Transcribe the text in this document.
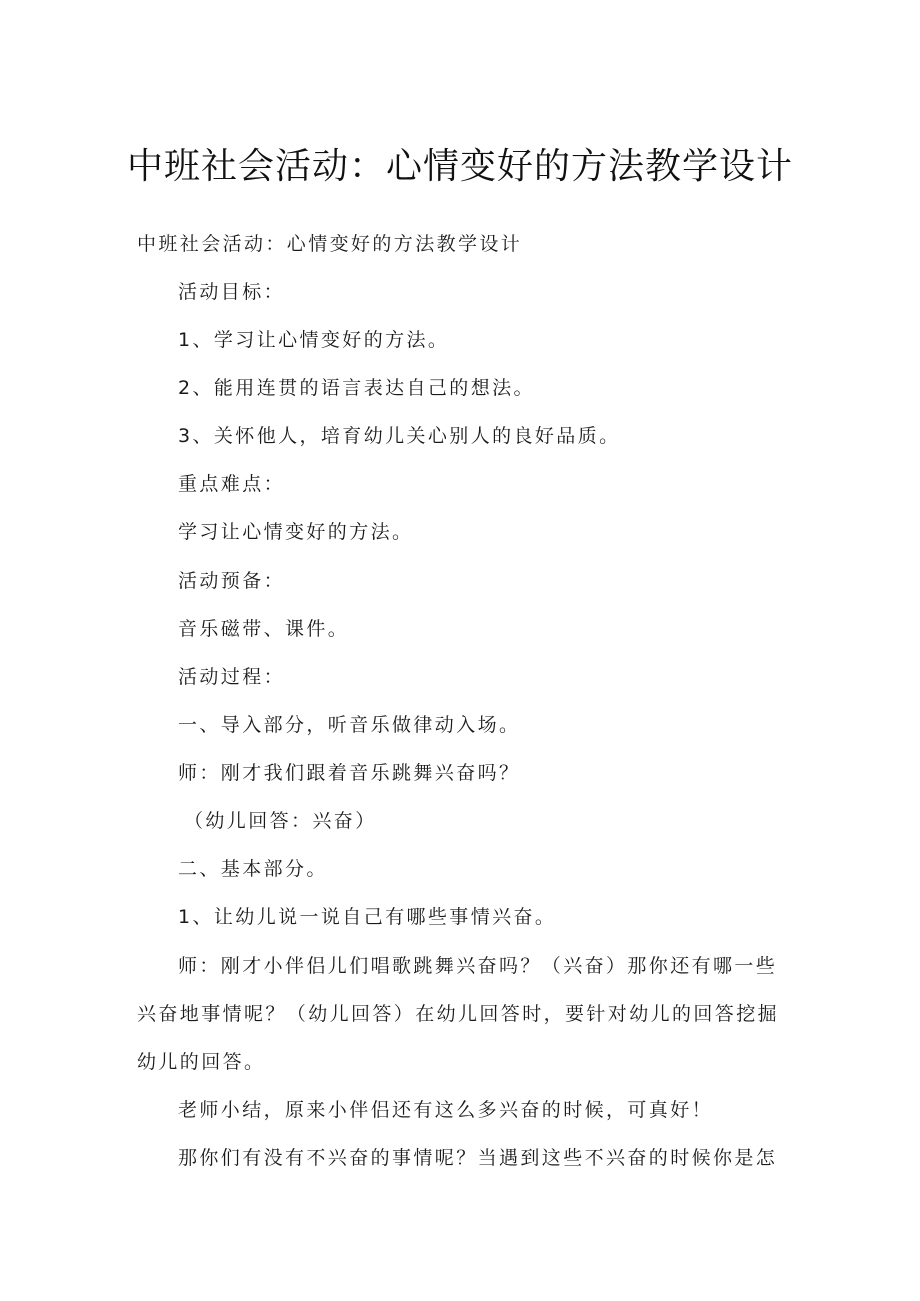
中班社会活动：心情变好的方法教学设计
中班社会活动：心情变好的方法教学设计
活动目标：
1、学习让心情变好的方法。
2、能用连贯的语言表达自己的想法。
3、关怀他人，培育幼儿关心别人的良好品质。
重点难点：
学习让心情变好的方法。
活动预备：
音乐磁带、课件。
活动过程：
一、导入部分，听音乐做律动入场。
师：刚才我们跟着音乐跳舞兴奋吗？
（幼儿回答：兴奋）
二、基本部分。
1、让幼儿说一说自己有哪些事情兴奋。
师：刚才小伴侣儿们唱歌跳舞兴奋吗？（兴奋）那你还有哪一些
兴奋地事情呢？（幼儿回答）在幼儿回答时，要针对幼儿的回答挖掘
幼儿的回答。
老师小结，原来小伴侣还有这么多兴奋的时候，可真好！
那你们有没有不兴奋的事情呢？当遇到这些不兴奋的时候你是怎
